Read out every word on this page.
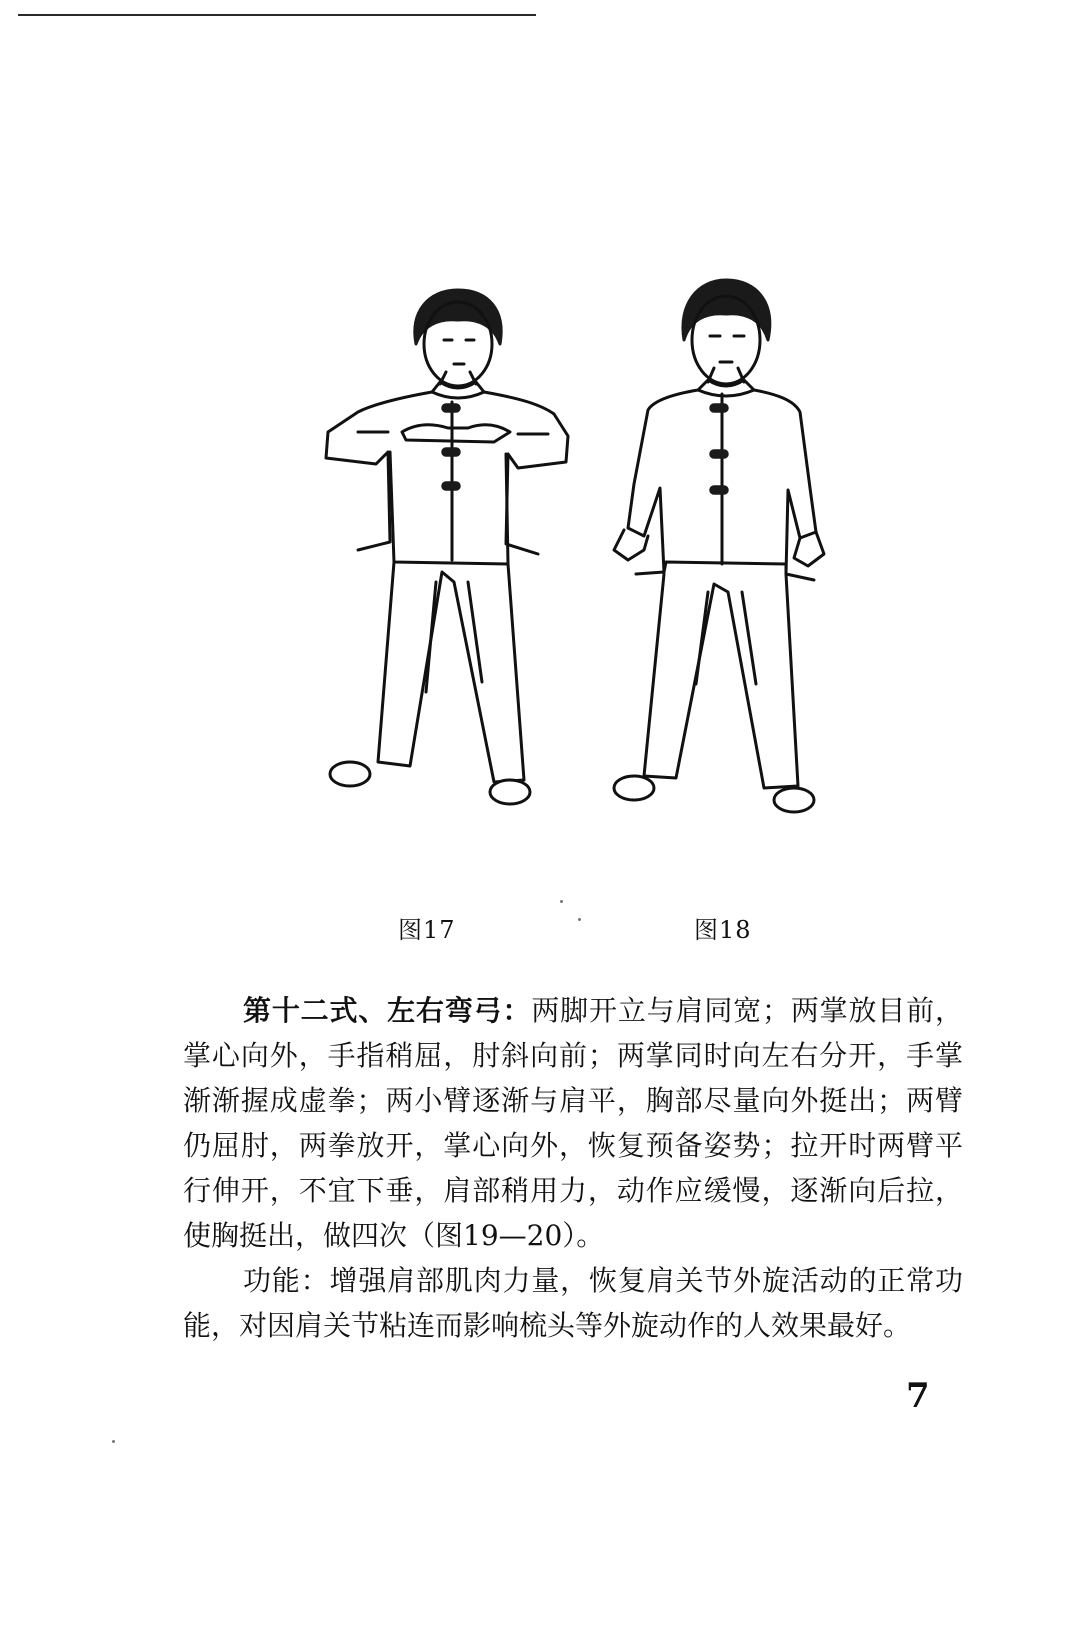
图17	图18

第十二式、左右弯弓：两脚开立与肩同宽；两掌放目前，掌心向外，手指稍屈，肘斜向前；两掌同时向左右分开，手掌渐渐握成虚拳；两小臂逐渐与肩平，胸部尽量向外挺出；两臂仍屈肘，两拳放开，掌心向外，恢复预备姿势；拉开时两臂平行伸开，不宜下垂，肩部稍用力，动作应缓慢，逐渐向后拉，使胸挺出，做四次（图19—20）。

功能：增强肩部肌肉力量，恢复肩关节外旋活动的正常功能，对因肩关节粘连而影响梳头等外旋动作的人效果最好。

7
